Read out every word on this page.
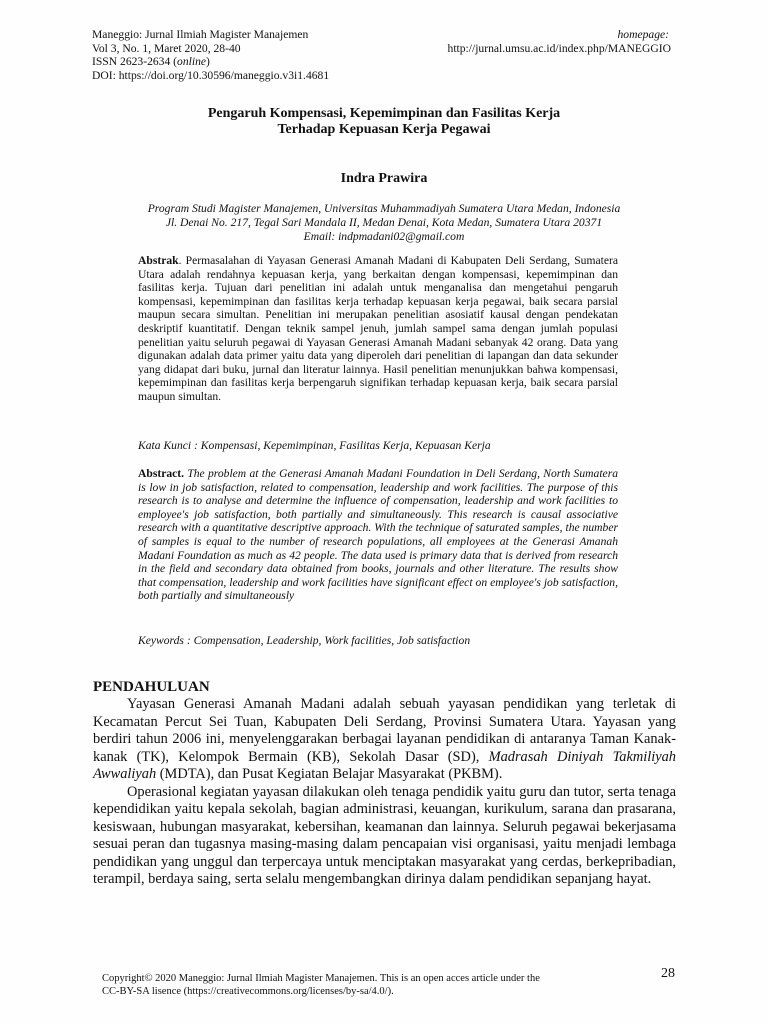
Maneggio: Jurnal Ilmiah Magister Manajemen
Vol 3, No. 1, Maret 2020, 28-40
ISSN 2623-2634 (online)
DOI: https://doi.org/10.30596/maneggio.v3i1.4681
homepage:
http://jurnal.umsu.ac.id/index.php/MANEGGIO
Pengaruh Kompensasi, Kepemimpinan dan Fasilitas Kerja
Terhadap Kepuasan Kerja Pegawai
Indra Prawira
Program Studi Magister Manajemen, Universitas Muhammadiyah Sumatera Utara Medan, Indonesia
Jl. Denai No. 217, Tegal Sari Mandala II, Medan Denai, Kota Medan, Sumatera Utara 20371
Email: indpmadani02@gmail.com
Abstrak. Permasalahan di Yayasan Generasi Amanah Madani di Kabupaten Deli Serdang, Sumatera Utara adalah rendahnya kepuasan kerja, yang berkaitan dengan kompensasi, kepemimpinan dan fasilitas kerja. Tujuan dari penelitian ini adalah untuk menganalisa dan mengetahui pengaruh kompensasi, kepemimpinan dan fasilitas kerja terhadap kepuasan kerja pegawai, baik secara parsial maupun secara simultan. Penelitian ini merupakan penelitian asosiatif kausal dengan pendekatan deskriptif kuantitatif. Dengan teknik sampel jenuh, jumlah sampel sama dengan jumlah populasi penelitian yaitu seluruh pegawai di Yayasan Generasi Amanah Madani sebanyak 42 orang. Data yang digunakan adalah data primer yaitu data yang diperoleh dari penelitian di lapangan dan data sekunder yang didapat dari buku, jurnal dan literatur lainnya. Hasil penelitian menunjukkan bahwa kompensasi, kepemimpinan dan fasilitas kerja berpengaruh signifikan terhadap kepuasan kerja, baik secara parsial maupun simultan.
Kata Kunci : Kompensasi, Kepemimpinan, Fasilitas Kerja, Kepuasan Kerja
Abstract. The problem at the Generasi Amanah Madani Foundation in Deli Serdang, North Sumatera is low in job satisfaction, related to compensation, leadership and work facilities. The purpose of this research is to analyse and determine the influence of compensation, leadership and work facilities to employee's job satisfaction, both partially and simultaneously. This research is causal associative research with a quantitative descriptive approach. With the technique of saturated samples, the number of samples is equal to the number of research populations, all employees at the Generasi Amanah Madani Foundation as much as 42 people. The data used is primary data that is derived from research in the field and secondary data obtained from books, journals and other literature. The results show that compensation, leadership and work facilities have significant effect on employee's job satisfaction, both partially and simultaneously
Keywords : Compensation, Leadership, Work facilities, Job satisfaction
PENDAHULUAN

Yayasan Generasi Amanah Madani adalah sebuah yayasan pendidikan yang terletak di Kecamatan Percut Sei Tuan, Kabupaten Deli Serdang, Provinsi Sumatera Utara. Yayasan yang berdiri tahun 2006 ini, menyelenggarakan berbagai layanan pendidikan di antaranya Taman Kanak-kanak (TK), Kelompok Bermain (KB), Sekolah Dasar (SD), Madrasah Diniyah Takmiliyah Awwaliyah (MDTA), dan Pusat Kegiatan Belajar Masyarakat (PKBM).

Operasional kegiatan yayasan dilakukan oleh tenaga pendidik yaitu guru dan tutor, serta tenaga kependidikan yaitu kepala sekolah, bagian administrasi, keuangan, kurikulum, sarana dan prasarana, kesiswaan, hubungan masyarakat, kebersihan, keamanan dan lainnya. Seluruh pegawai bekerjasama sesuai peran dan tugasnya masing-masing dalam pencapaian visi organisasi, yaitu menjadi lembaga pendidikan yang unggul dan terpercaya untuk menciptakan masyarakat yang cerdas, berkepribadian, terampil, berdaya saing, serta selalu mengembangkan dirinya dalam pendidikan sepanjang hayat.

Copyright© 2020 Maneggio: Jurnal Ilmiah Magister Manajemen. This is an open acces article under the
CC-BY-SA lisence (https://creativecommons.org/licenses/by-sa/4.0/).
28
